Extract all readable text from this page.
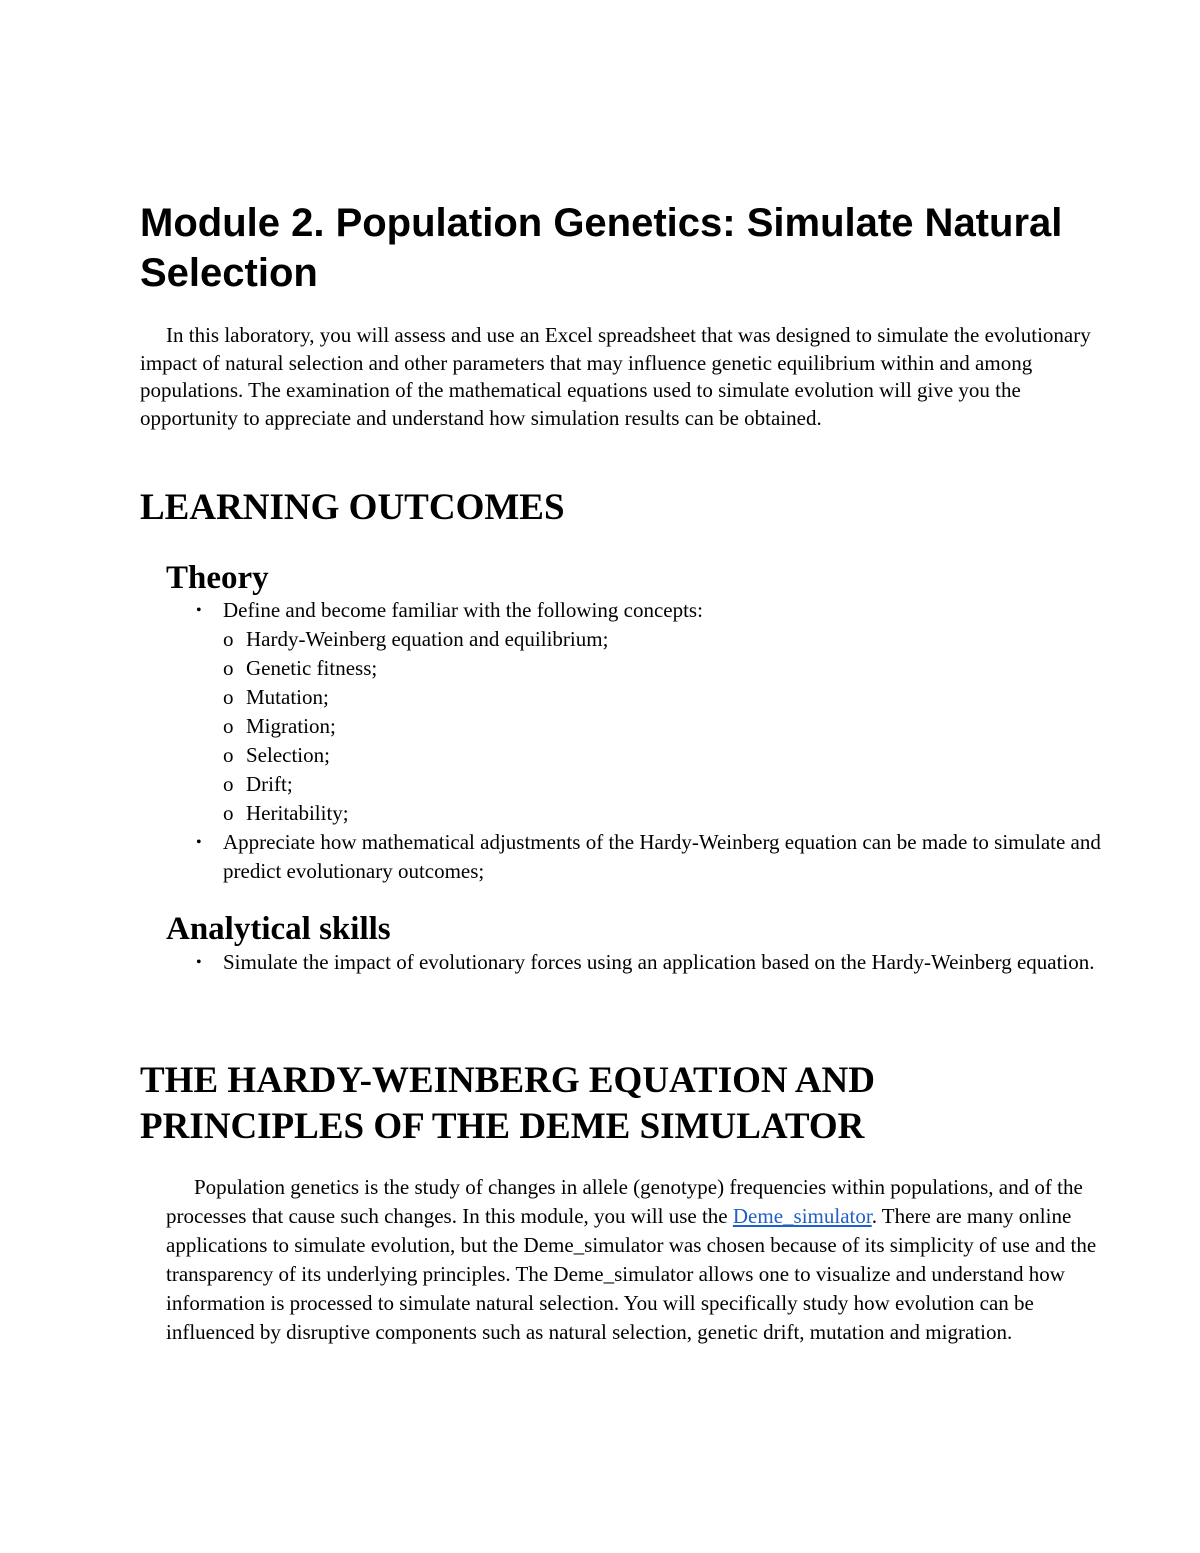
Module 2. Population Genetics: Simulate Natural Selection

In this laboratory, you will assess and use an Excel spreadsheet that was designed to simulate the evolutionary impact of natural selection and other parameters that may influence genetic equilibrium within and among populations. The examination of the mathematical equations used to simulate evolution will give you the opportunity to appreciate and understand how simulation results can be obtained.

LEARNING OUTCOMES
Theory
• Define and become familiar with the following concepts:
o Hardy-Weinberg equation and equilibrium;
o Genetic fitness;
o Mutation;
o Migration;
o Selection;
o Drift;
o Heritability;
• Appreciate how mathematical adjustments of the Hardy-Weinberg equation can be made to simulate and predict evolutionary outcomes;
Analytical skills
• Simulate the impact of evolutionary forces using an application based on the Hardy-Weinberg equation.
THE HARDY-WEINBERG EQUATION AND PRINCIPLES OF THE DEME SIMULATOR

Population genetics is the study of changes in allele (genotype) frequencies within populations, and of the processes that cause such changes. In this module, you will use the Deme_simulator. There are many online applications to simulate evolution, but the Deme_simulator was chosen because of its simplicity of use and the transparency of its underlying principles. The Deme_simulator allows one to visualize and understand how information is processed to simulate natural selection. You will specifically study how evolution can be influenced by disruptive components such as natural selection, genetic drift, mutation and migration.
